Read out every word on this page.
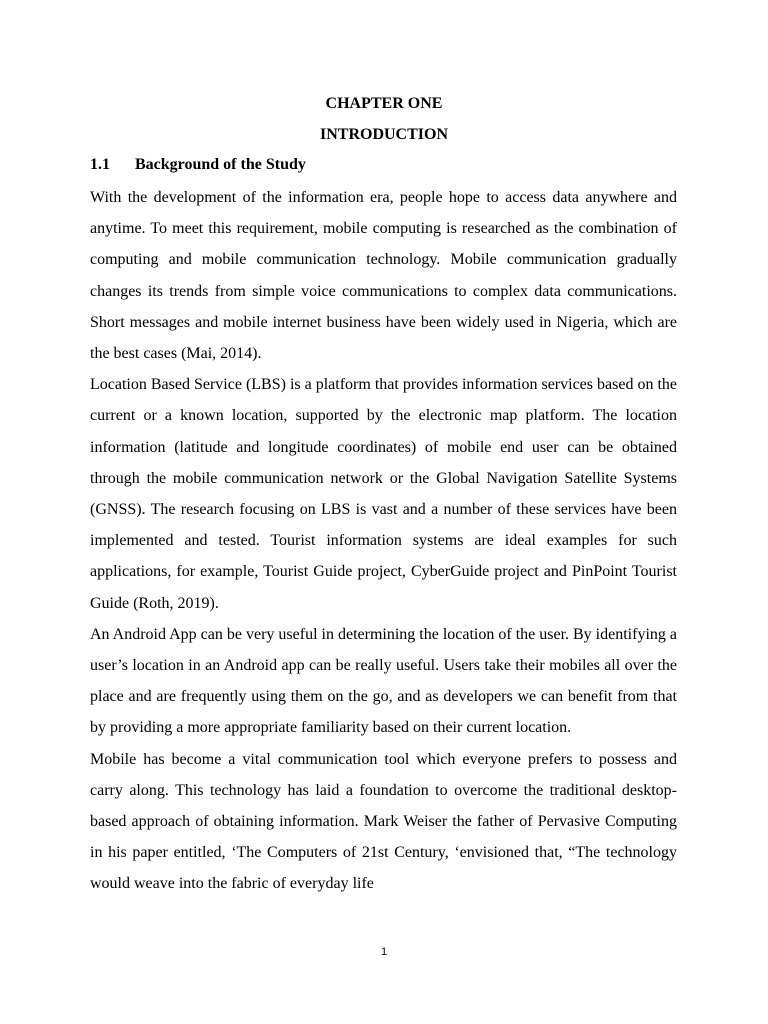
CHAPTER ONE
INTRODUCTION
1.1 Background of the Study

With the development of the information era, people hope to access data anywhere and anytime. To meet this requirement, mobile computing is researched as the combination of computing and mobile communication technology. Mobile communication gradually changes its trends from simple voice communications to complex data communications. Short messages and mobile internet business have been widely used in Nigeria, which are the best cases (Mai, 2014).

Location Based Service (LBS) is a platform that provides information services based on the current or a known location, supported by the electronic map platform. The location information (latitude and longitude coordinates) of mobile end user can be obtained through the mobile communication network or the Global Navigation Satellite Systems (GNSS). The research focusing on LBS is vast and a number of these services have been implemented and tested. Tourist information systems are ideal examples for such applications, for example, Tourist Guide project, CyberGuide project and PinPoint Tourist Guide (Roth, 2019).

An Android App can be very useful in determining the location of the user. By identifying a user’s location in an Android app can be really useful. Users take their mobiles all over the place and are frequently using them on the go, and as developers we can benefit from that by providing a more appropriate familiarity based on their current location.

Mobile has become a vital communication tool which everyone prefers to possess and carry along. This technology has laid a foundation to overcome the traditional desktop-based approach of obtaining information. Mark Weiser the father of Pervasive Computing in his paper entitled, ‘The Computers of 21st Century, ‘envisioned that, “The technology would weave into the fabric of everyday life

1
